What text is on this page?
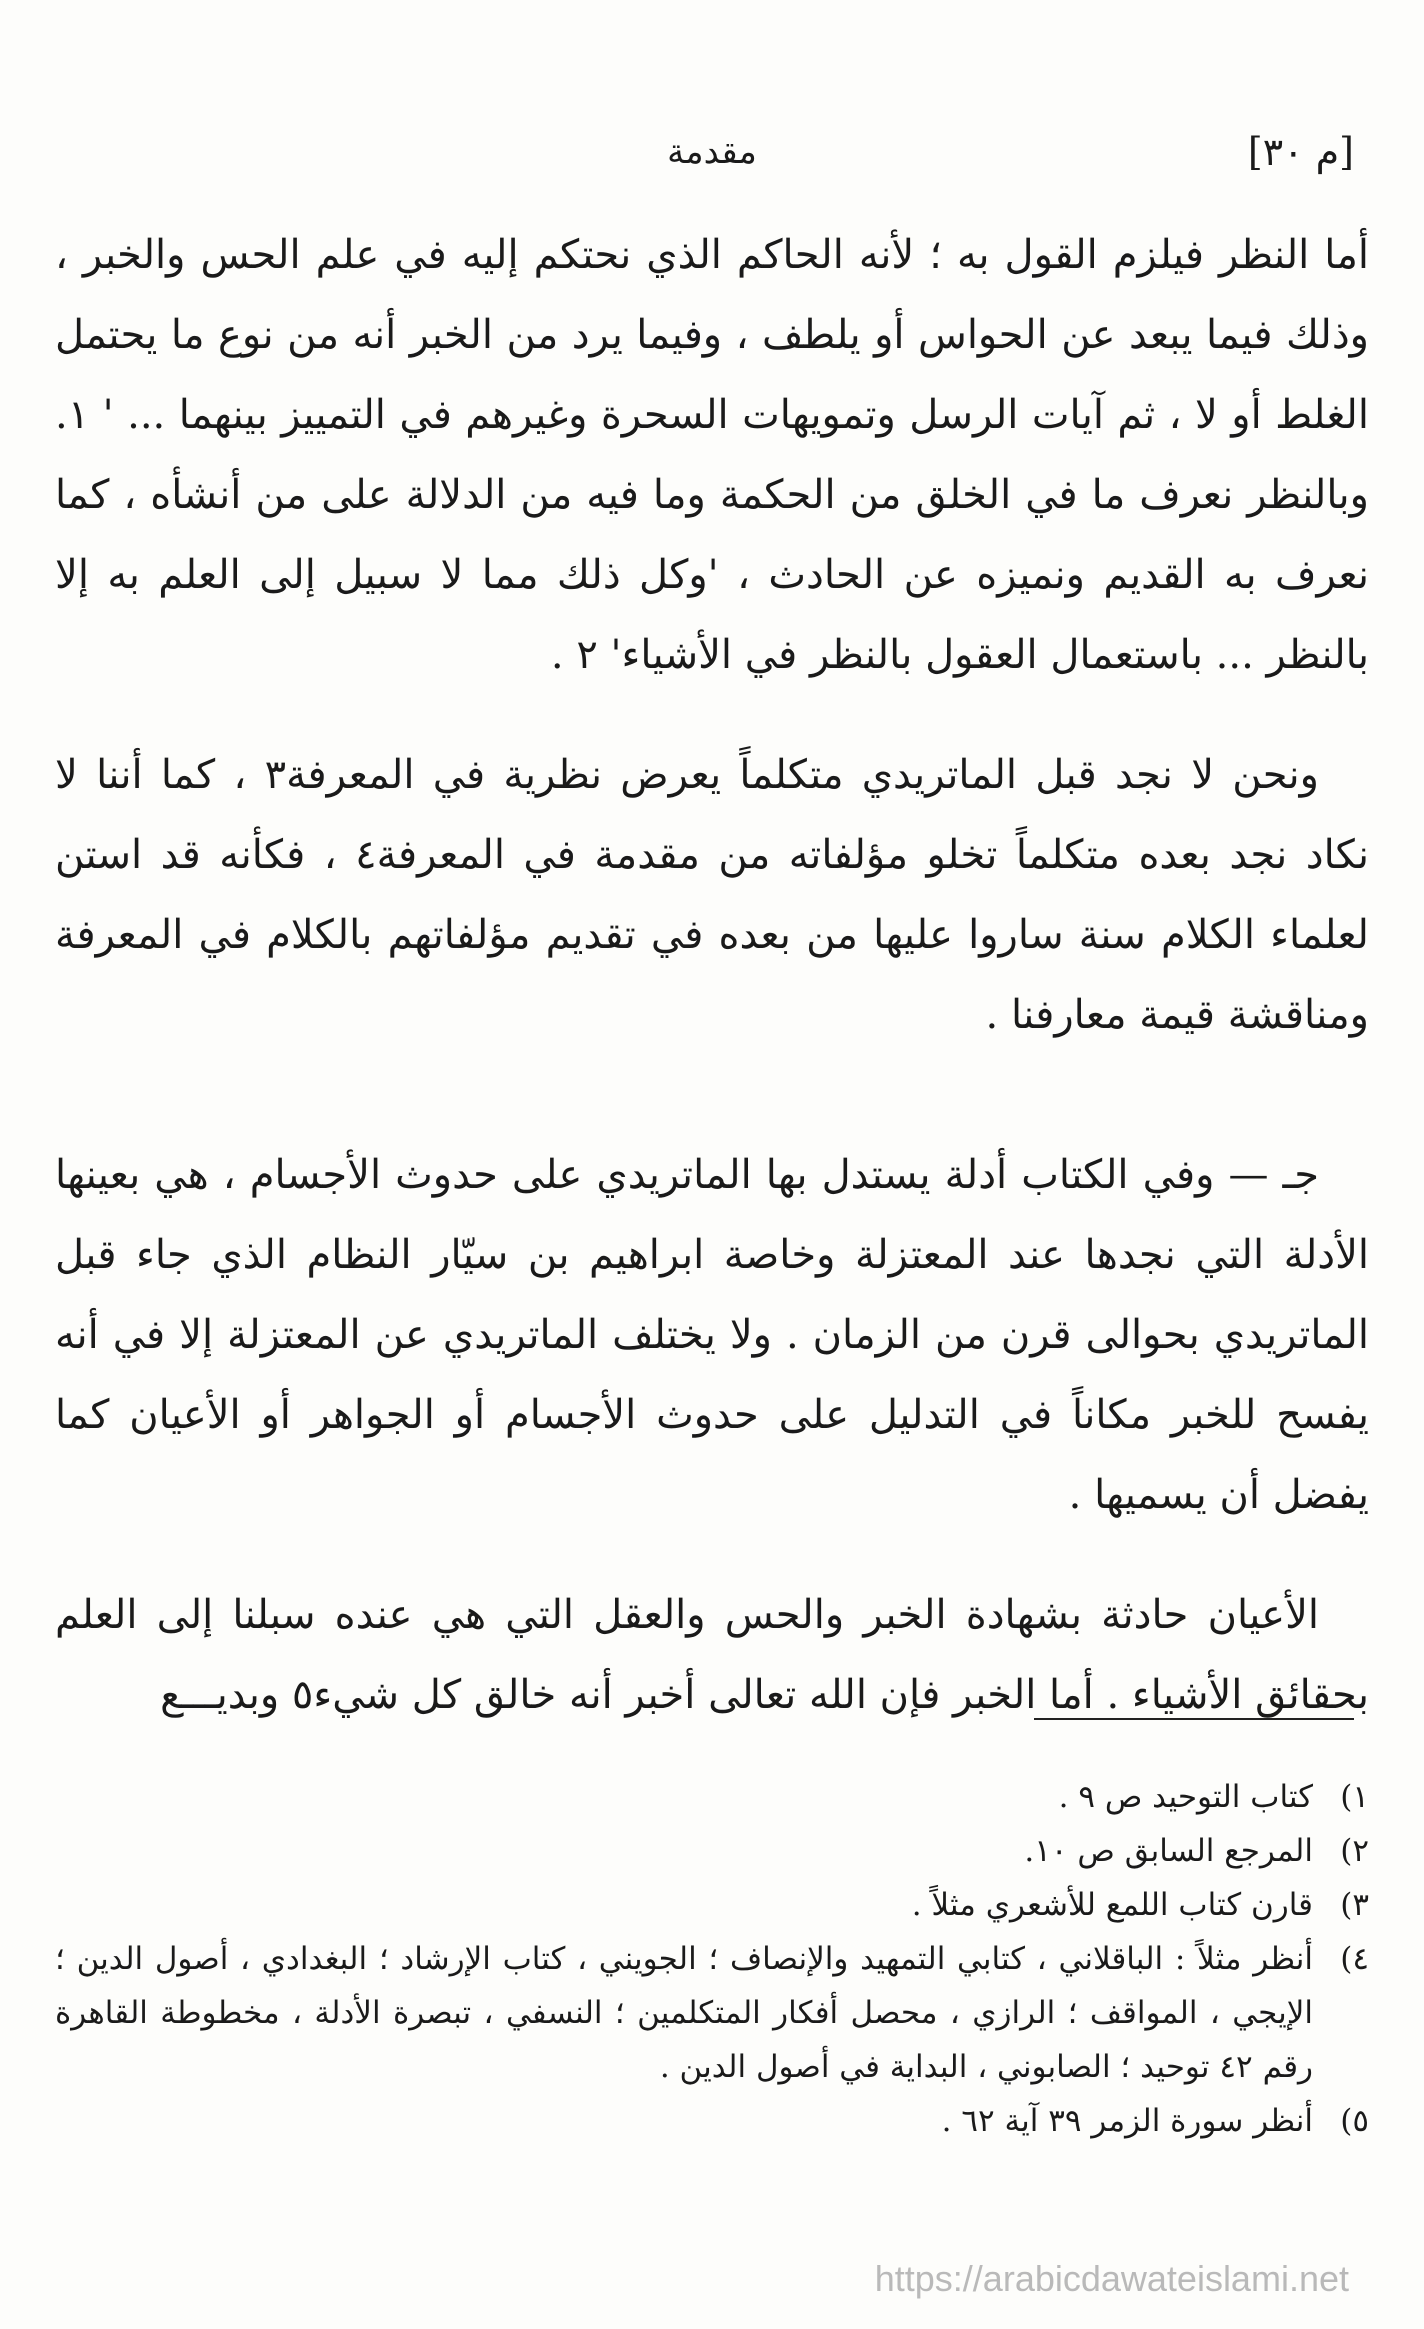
[م ٣٠]
مقدمة

أما النظر فيلزم القول به ؛ لأنه الحاكم الذي نحتكم إليه في علم الحس والخبر ، وذلك فيما يبعد عن الحواس أو يلطف ، وفيما يرد من الخبر أنه من نوع ما يحتمل الغلط أو لا ، ثم آيات الرسل وتمويهات السحرة وغيرهم في التمييز بينهما ... ' ١. وبالنظر نعرف ما في الخلق من الحكمة وما فيه من الدلالة على من أنشأه ، كما نعرف به القديم ونميزه عن الحادث ، 'وكل ذلك مما لا سبيل إلى العلم به إلا بالنظر ... باستعمال العقول بالنظر في الأشياء' ٢ .

ونحن لا نجد قبل الماتريدي متكلماً يعرض نظرية في المعرفة٣ ، كما أننا لا نكاد نجد بعده متكلماً تخلو مؤلفاته من مقدمة في المعرفة٤ ، فكأنه قد استن لعلماء الكلام سنة ساروا عليها من بعده في تقديم مؤلفاتهم بالكلام في المعرفة ومناقشة قيمة معارفنا .

جـ — وفي الكتاب أدلة يستدل بها الماتريدي على حدوث الأجسام ، هي بعينها الأدلة التي نجدها عند المعتزلة وخاصة ابراهيم بن سيّار النظام الذي جاء قبل الماتريدي بحوالى قرن من الزمان . ولا يختلف الماتريدي عن المعتزلة إلا في أنه يفسح للخبر مكاناً في التدليل على حدوث الأجسام أو الجواهر أو الأعيان كما يفضل أن يسميها .

الأعيان حادثة بشهادة الخبر والحس والعقل التي هي عنده سبلنا إلى العلم بحقائق الأشياء . أما الخبر فإن الله تعالى أخبر أنه خالق كل شيء٥ وبديـــع

١)
كتاب التوحيد ص ٩ .
٢)
المرجع السابق ص ١٠.
٣)
قارن كتاب اللمع للأشعري مثلاً .
٤)
أنظر مثلاً : الباقلاني ، كتابي التمهيد والإنصاف ؛ الجويني ، كتاب الإرشاد ؛ البغدادي ، أصول الدين ؛ الإيجي ، المواقف ؛ الرازي ، محصل أفكار المتكلمين ؛ النسفي ، تبصرة الأدلة ، مخطوطة القاهرة رقم ٤٢ توحيد ؛ الصابوني ، البداية في أصول الدين .
٥)
أنظر سورة الزمر ٣٩ آية ٦٢ .
https://arabicdawateislami.net
